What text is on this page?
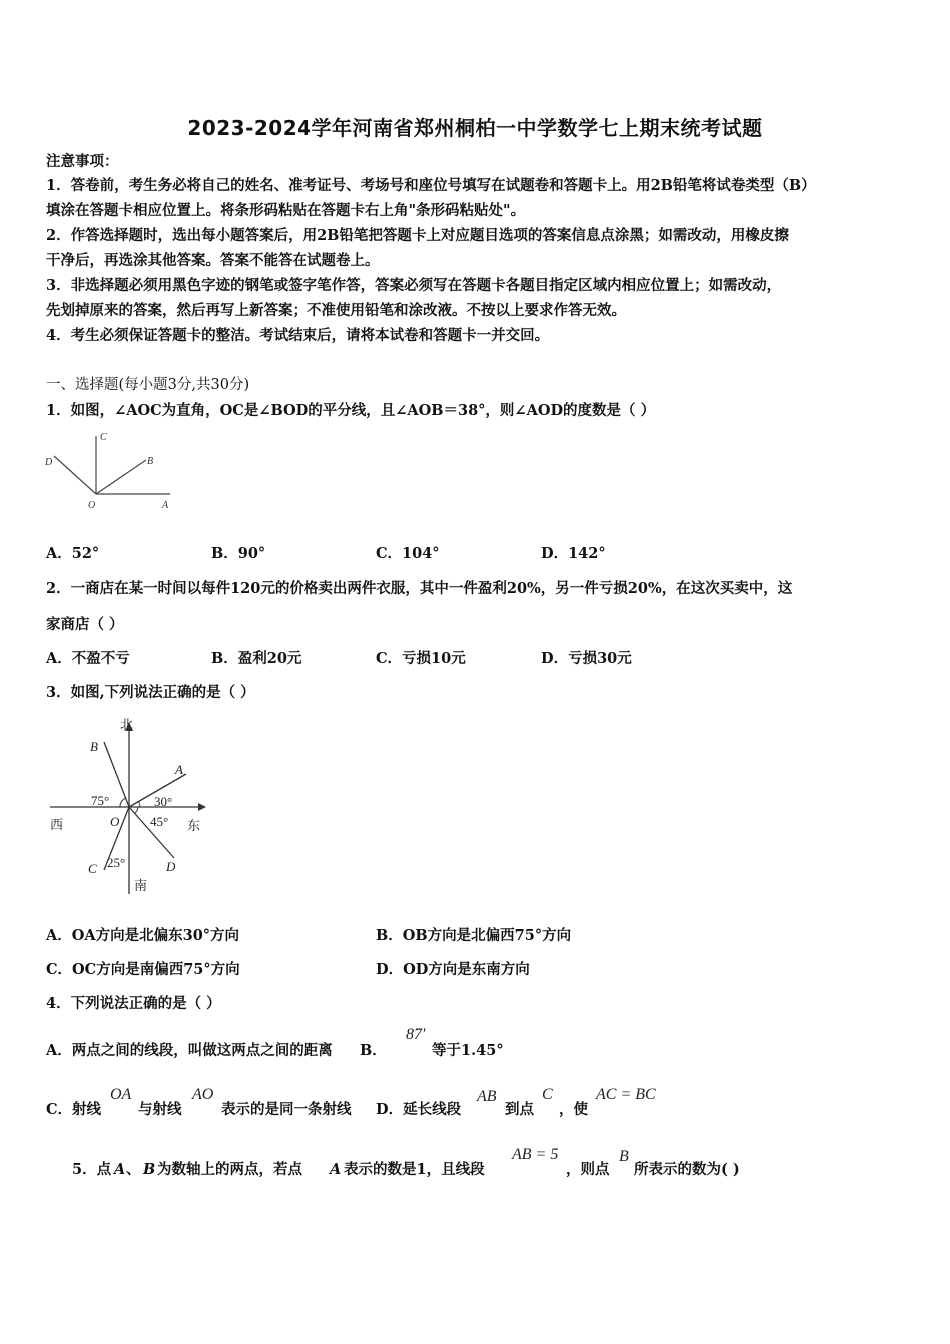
2023-2024学年河南省郑州桐柏一中学数学七上期末统考试题
注意事项：
1．答卷前，考生务必将自己的姓名、准考证号、考场号和座位号填写在试题卷和答题卡上。用2B铅笔将试卷类型（B）
填涂在答题卡相应位置上。将条形码粘贴在答题卡右上角"条形码粘贴处"。
2．作答选择题时，选出每小题答案后，用2B铅笔把答题卡上对应题目选项的答案信息点涂黑；如需改动，用橡皮擦
干净后，再选涂其他答案。答案不能答在试题卷上。
3．非选择题必须用黑色字迹的钢笔或签字笔作答，答案必须写在答题卡各题目指定区域内相应位置上；如需改动，
先划掉原来的答案，然后再写上新答案；不准使用铅笔和涂改液。不按以上要求作答无效。
4．考生必须保证答题卡的整洁。考试结束后，请将本试卷和答题卡一并交回。
一、选择题(每小题3分,共30分)
1．如图，∠AOC为直角，OC是∠BOD的平分线，且∠AOB＝38°，则∠AOD的度数是（ ）
C
D	B
O	A
A．52°	B．90°	C．104°	D．142°
2．一商店在某一时间以每件120元的价格卖出两件衣服，其中一件盈利20%，另一件亏损20%，在这次买卖中，这
家商店（ ）
A．不盈不亏	B．盈利20元	C．亏损10元	D．亏损30元
3．如图,下列说法正确的是（ ）
北
B
A
75°	30°
西	O 45° 东
25°
C	D
南
A．OA方向是北偏东30°方向	B．OB方向是北偏西75°方向
C．OC方向是南偏西75°方向	D．OD方向是东南方向
4．下列说法正确的是（ ）
A．两点之间的线段，叫做这两点之间的距离 B．
87′
等于1.45°
C．射线
OA
与射线
AO
表示的是同一条射线 D．延长线段
AB
到点
C
，使
AC = BC
5．点 A 、 B 为数轴上的两点，若点 A 表示的数是1，且线段
AB = 5
，则点
B
所表示的数为( )
